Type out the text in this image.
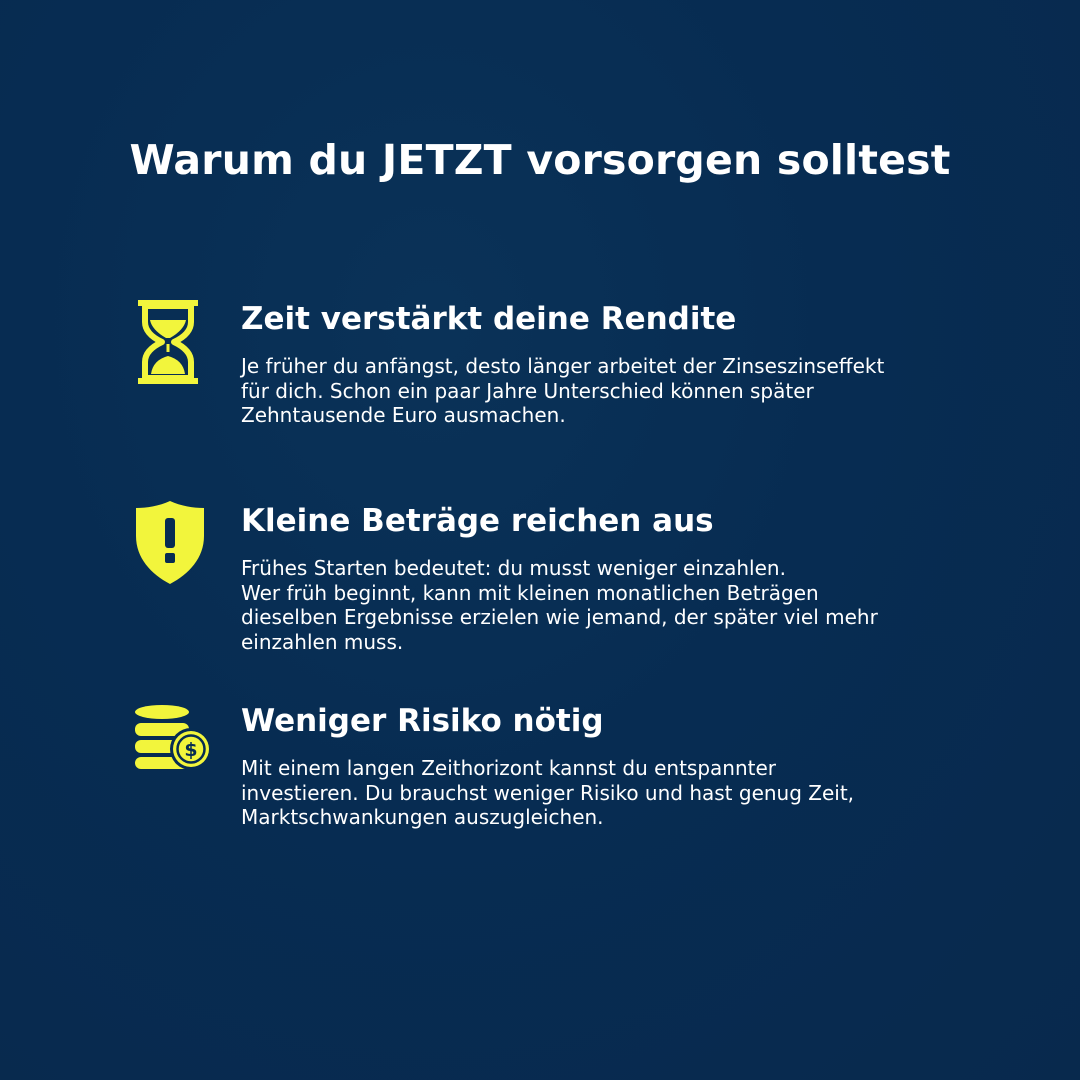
Warum du JETZT vorsorgen solltest
Zeit verstärkt deine Rendite

Je früher du anfängst, desto länger arbeitet der Zinseszinseffekt
für dich. Schon ein paar Jahre Unterschied können später
Zehntausende Euro ausmachen.

Kleine Beträge reichen aus

Frühes Starten bedeutet: du musst weniger einzahlen.
Wer früh beginnt, kann mit kleinen monatlichen Beträgen
dieselben Ergebnisse erzielen wie jemand, der später viel mehr
einzahlen muss.

$
Weniger Risiko nötig

Mit einem langen Zeithorizont kannst du entspannter
investieren. Du brauchst weniger Risiko und hast genug Zeit,
Marktschwankungen auszugleichen.
